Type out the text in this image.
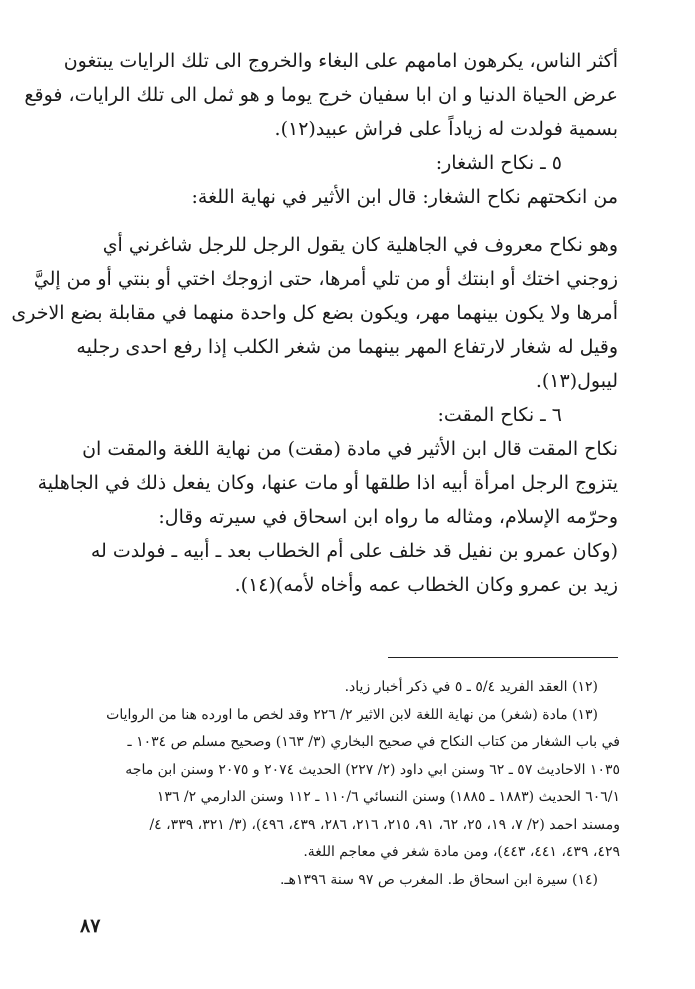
أكثر الناس، يكرهون امامهم على البغاء والخروج الى تلك الرايات يبتغون
عرض الحياة الدنيا و ان ابا سفيان خرج يوما و هو ثمل الى تلك الرايات، فوقع
بسمية فولدت له زياداً على فراش عبيد(١٢).
٥ ـ نكاح الشغار:
من انكحتهم نكاح الشغار: قال ابن الأثير في نهاية اللغة:
وهو نكاح معروف في الجاهلية كان يقول الرجل للرجل شاغرني أي
زوجني اختك أو ابنتك أو من تلي أمرها، حتى ازوجك اختي أو بنتي أو من إليَّ
أمرها ولا يكون بينهما مهر، ويكون بضع كل واحدة منهما في مقابلة بضع الاخرى
وقيل له شغار لارتفاع المهر بينهما من شغر الكلب إذا رفع احدى رجليه
ليبول(١٣).
٦ ـ نكاح المقت:
نكاح المقت قال ابن الأثير في مادة (مقت) من نهاية اللغة والمقت ان
يتزوج الرجل امرأة أبيه اذا طلقها أو مات عنها، وكان يفعل ذلك في الجاهلية
وحرّمه الإسلام، ومثاله ما رواه ابن اسحاق في سيرته وقال:
(وكان عمرو بن نفيل قد خلف على أم الخطاب بعد ـ أبيه ـ فولدت له
زيد بن عمرو وكان الخطاب عمه وأخاه لأمه)(١٤).
(١٢) العقد الفريد ٥/٤ ـ ٥ في ذكر أخبار زياد.
(١٣) مادة (شغر) من نهاية اللغة لابن الاثير ٢/ ٢٢٦ وقد لخص ما اورده هنا من الروايات
في باب الشغار من كتاب النكاح في صحيح البخاري (٣/ ١٦٣) وصحيح مسلم ص ١٠٣٤ ـ
١٠٣٥ الاحاديث ٥٧ ـ ٦٢ وسنن ابي داود (٢/ ٢٢٧) الحديث ٢٠٧٤ و ٢٠٧٥ وسنن ابن ماجه
٦٠٦/١ الحديث (١٨٨٣ ـ ١٨٨٥) وسنن النسائي ١١٠/٦ ـ ١١٢ وسنن الدارمي ٢/ ١٣٦
ومسند احمد (٢/ ٧، ١٩، ٢٥، ٦٢، ٩١، ٢١٥، ٢١٦، ٢٨٦، ٤٣٩، ٤٩٦)، (٣/ ٣٢١، ٣٣٩، ٤/
٤٢٩، ٤٣٩، ٤٤١، ٤٤٣)، ومن مادة شغر في معاجم اللغة.
(١٤) سيرة ابن اسحاق ط. المغرب ص ٩٧ سنة ١٣٩٦هـ.
٨٧
